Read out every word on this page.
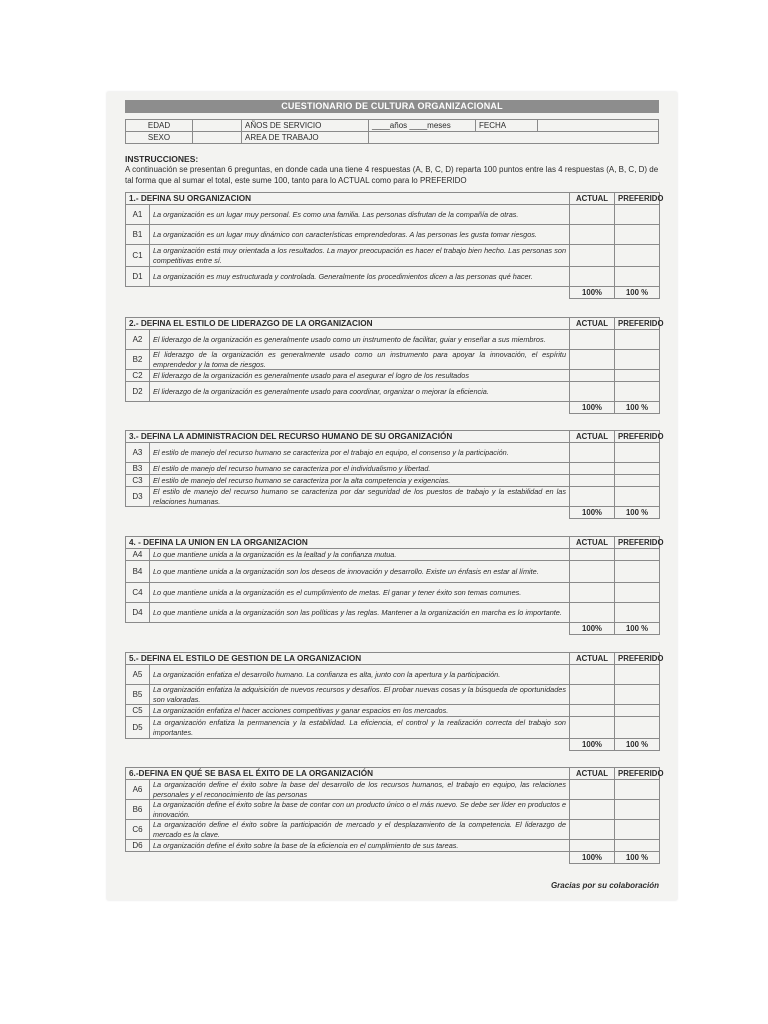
CUESTIONARIO DE CULTURA ORGANIZACIONAL
EDAD		AÑOS DE SERVICIO	____años ____meses	FECHA	
SEXO		AREA DE TRABAJO			
INSTRUCCIONES:
A continuación se presentan 6 preguntas, en donde cada una tiene 4 respuestas (A, B, C, D) reparta 100 puntos entre las 4 respuestas (A, B, C, D) de tal forma que al sumar el total, este sume 100, tanto para lo ACTUAL como para lo PREFERIDO
1.- DEFINA SU ORGANIZACION		ACTUAL	PREFERIDO
A1	La organización es un lugar muy personal. Es como una familia. Las personas disfrutan de la compañía de otras.		
B1	La organización es un lugar muy dinámico con características emprendedoras. A las personas les gusta tomar riesgos.		
C1	La organización está muy orientada a los resultados. La mayor preocupación es hacer el trabajo bien hecho. Las personas son competitivas entre sí.		
D1	La organización es muy estructurada y controlada. Generalmente los procedimientos dicen a las personas qué hacer.		
		100%	100 %
2.- DEFINA EL ESTILO DE LIDERAZGO DE LA ORGANIZACION		ACTUAL	PREFERIDO
A2	El liderazgo de la organización es generalmente usado como un instrumento de facilitar, guiar y enseñar a sus miembros.		
B2	El liderazgo de la organización es generalmente usado como un instrumento para apoyar la innovación, el espíritu emprendedor y la toma de riesgos.		
C2	El liderazgo de la organización es generalmente usado para el asegurar el logro de los resultados		
D2	El liderazgo de la organización es generalmente usado para coordinar, organizar o mejorar la eficiencia.		
		100%	100 %
3.- DEFINA LA ADMINISTRACION DEL RECURSO HUMANO DE SU ORGANIZACIÓN		ACTUAL	PREFERIDO
A3	El estilo de manejo del recurso humano se caracteriza por el trabajo en equipo, el consenso y la participación.		
B3	El estilo de manejo del recurso humano se caracteriza por el individualismo y libertad.		
C3	El estilo de manejo del recurso humano se caracteriza por la alta competencia y exigencias.		
D3	El estilo de manejo del recurso humano se caracteriza por dar seguridad de los puestos de trabajo y la estabilidad en las relaciones humanas.		
		100%	100 %
4. - DEFINA LA UNION EN LA ORGANIZACION		ACTUAL	PREFERIDO
A4	Lo que mantiene unida a la organización es la lealtad y la confianza mutua.		
B4	Lo que mantiene unida a la organización son los deseos de innovación y desarrollo. Existe un énfasis en estar al límite.		
C4	Lo que mantiene unida a la organización es el cumplimiento de metas. El ganar y tener éxito son temas comunes.		
D4	Lo que mantiene unida a la organización son las políticas y las reglas. Mantener a la organización en marcha es lo importante.		
		100%	100 %
5.- DEFINA EL ESTILO DE GESTION DE LA ORGANIZACION		ACTUAL	PREFERIDO
A5	La organización enfatiza el desarrollo humano. La confianza es alta, junto con la apertura y la participación.		
B5	La organización enfatiza la adquisición de nuevos recursos y desafíos. El probar nuevas cosas y la búsqueda de oportunidades son valoradas.		
C5	La organización enfatiza el hacer acciones competitivas y ganar espacios en los mercados.		
D5	La organización enfatiza la permanencia y la estabilidad. La eficiencia, el control y la realización correcta del trabajo son importantes.		
		100%	100 %
6.-DEFINA EN QUÉ SE BASA EL ÉXITO DE LA ORGANIZACIÓN		ACTUAL	PREFERIDO
A6	La organización define el éxito sobre la base del desarrollo de los recursos humanos, el trabajo en equipo, las relaciones personales y el reconocimiento de las personas		
B6	La organización define el éxito sobre la base de contar con un producto único o el más nuevo. Se debe ser líder en productos e innovación.		
C6	La organización define el éxito sobre la participación de mercado y el desplazamiento de la competencia. El liderazgo de mercado es la clave.		
D6	La organización define el éxito sobre la base de la eficiencia en el cumplimiento de sus tareas.		
		100%	100 %
Gracias por su colaboración
